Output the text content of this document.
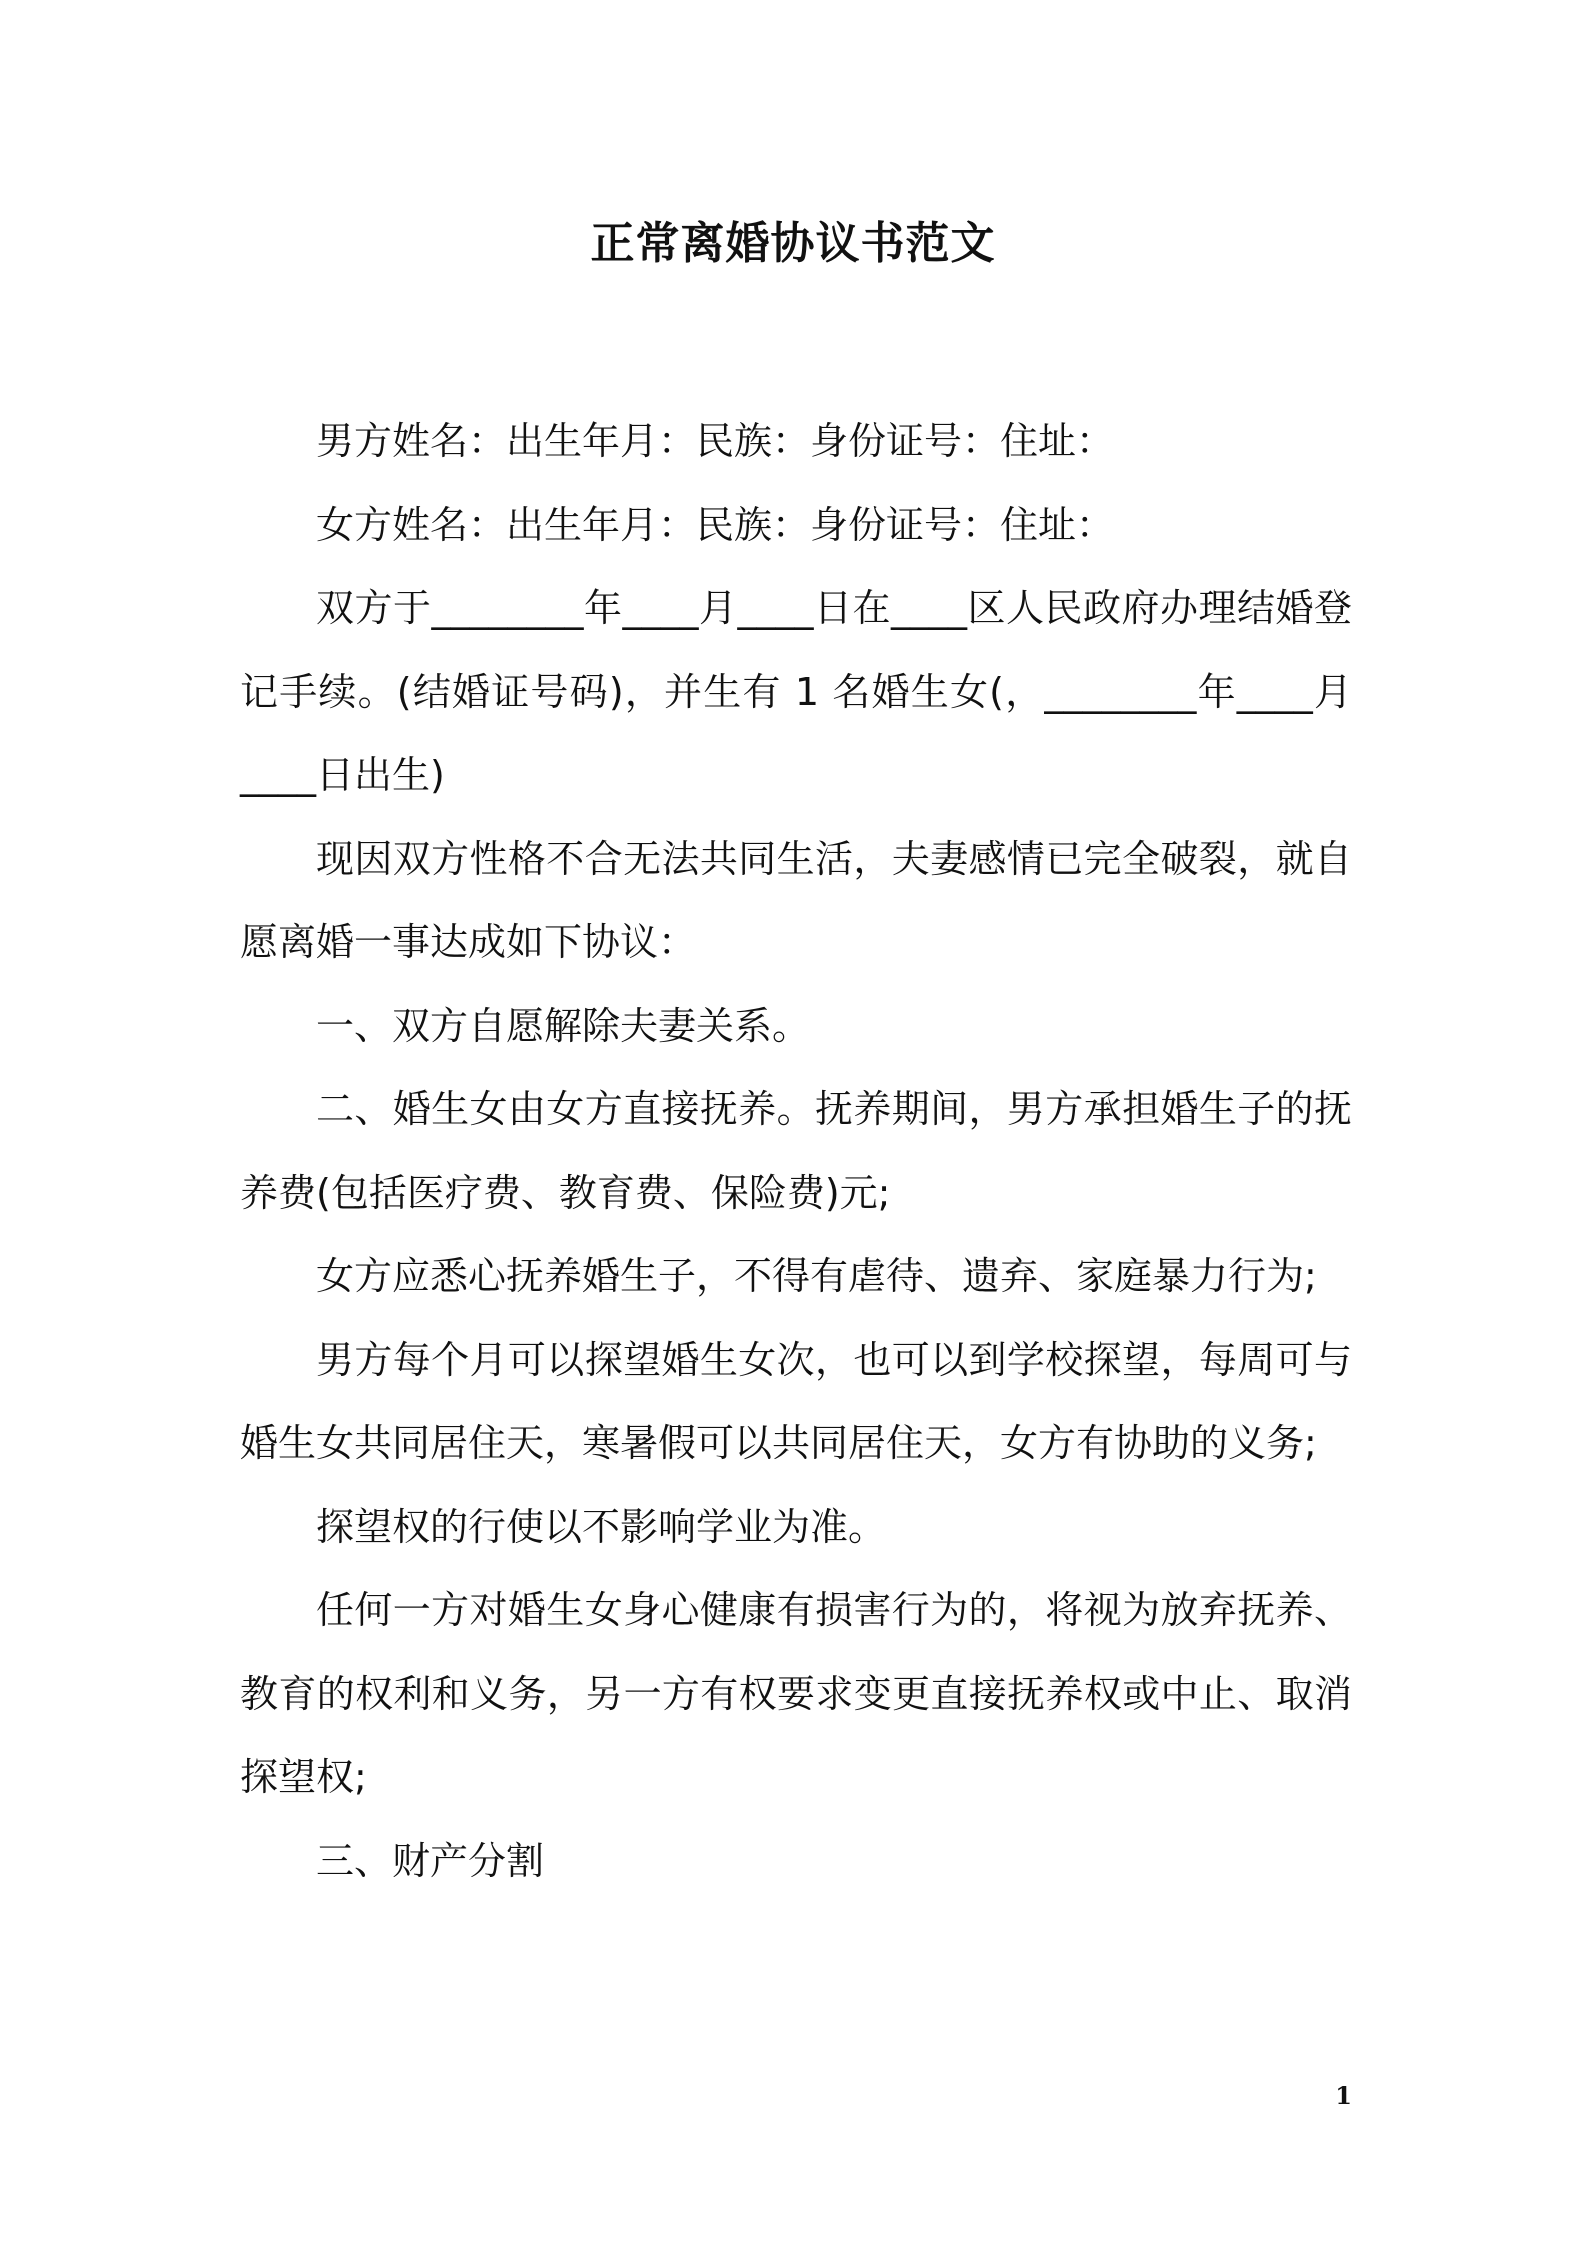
正常离婚协议书范文

男方姓名：出生年月：民族：身份证号：住址：

女方姓名：出生年月：民族：身份证号：住址：

双方于________年____月____日在____区人民政府办理结婚登记手续。(结婚证号码)，并生有 1 名婚生女(，________年____月____日出生)

现因双方性格不合无法共同生活，夫妻感情已完全破裂，就自愿离婚一事达成如下协议：

一、双方自愿解除夫妻关系。

二、婚生女由女方直接抚养。抚养期间，男方承担婚生子的抚养费(包括医疗费、教育费、保险费)元;

女方应悉心抚养婚生子，不得有虐待、遗弃、家庭暴力行为;

男方每个月可以探望婚生女次，也可以到学校探望，每周可与婚生女共同居住天，寒暑假可以共同居住天，女方有协助的义务;

探望权的行使以不影响学业为准。

任何一方对婚生女身心健康有损害行为的，将视为放弃抚养、教育的权利和义务，另一方有权要求变更直接抚养权或中止、取消探望权;

三、财产分割

1
